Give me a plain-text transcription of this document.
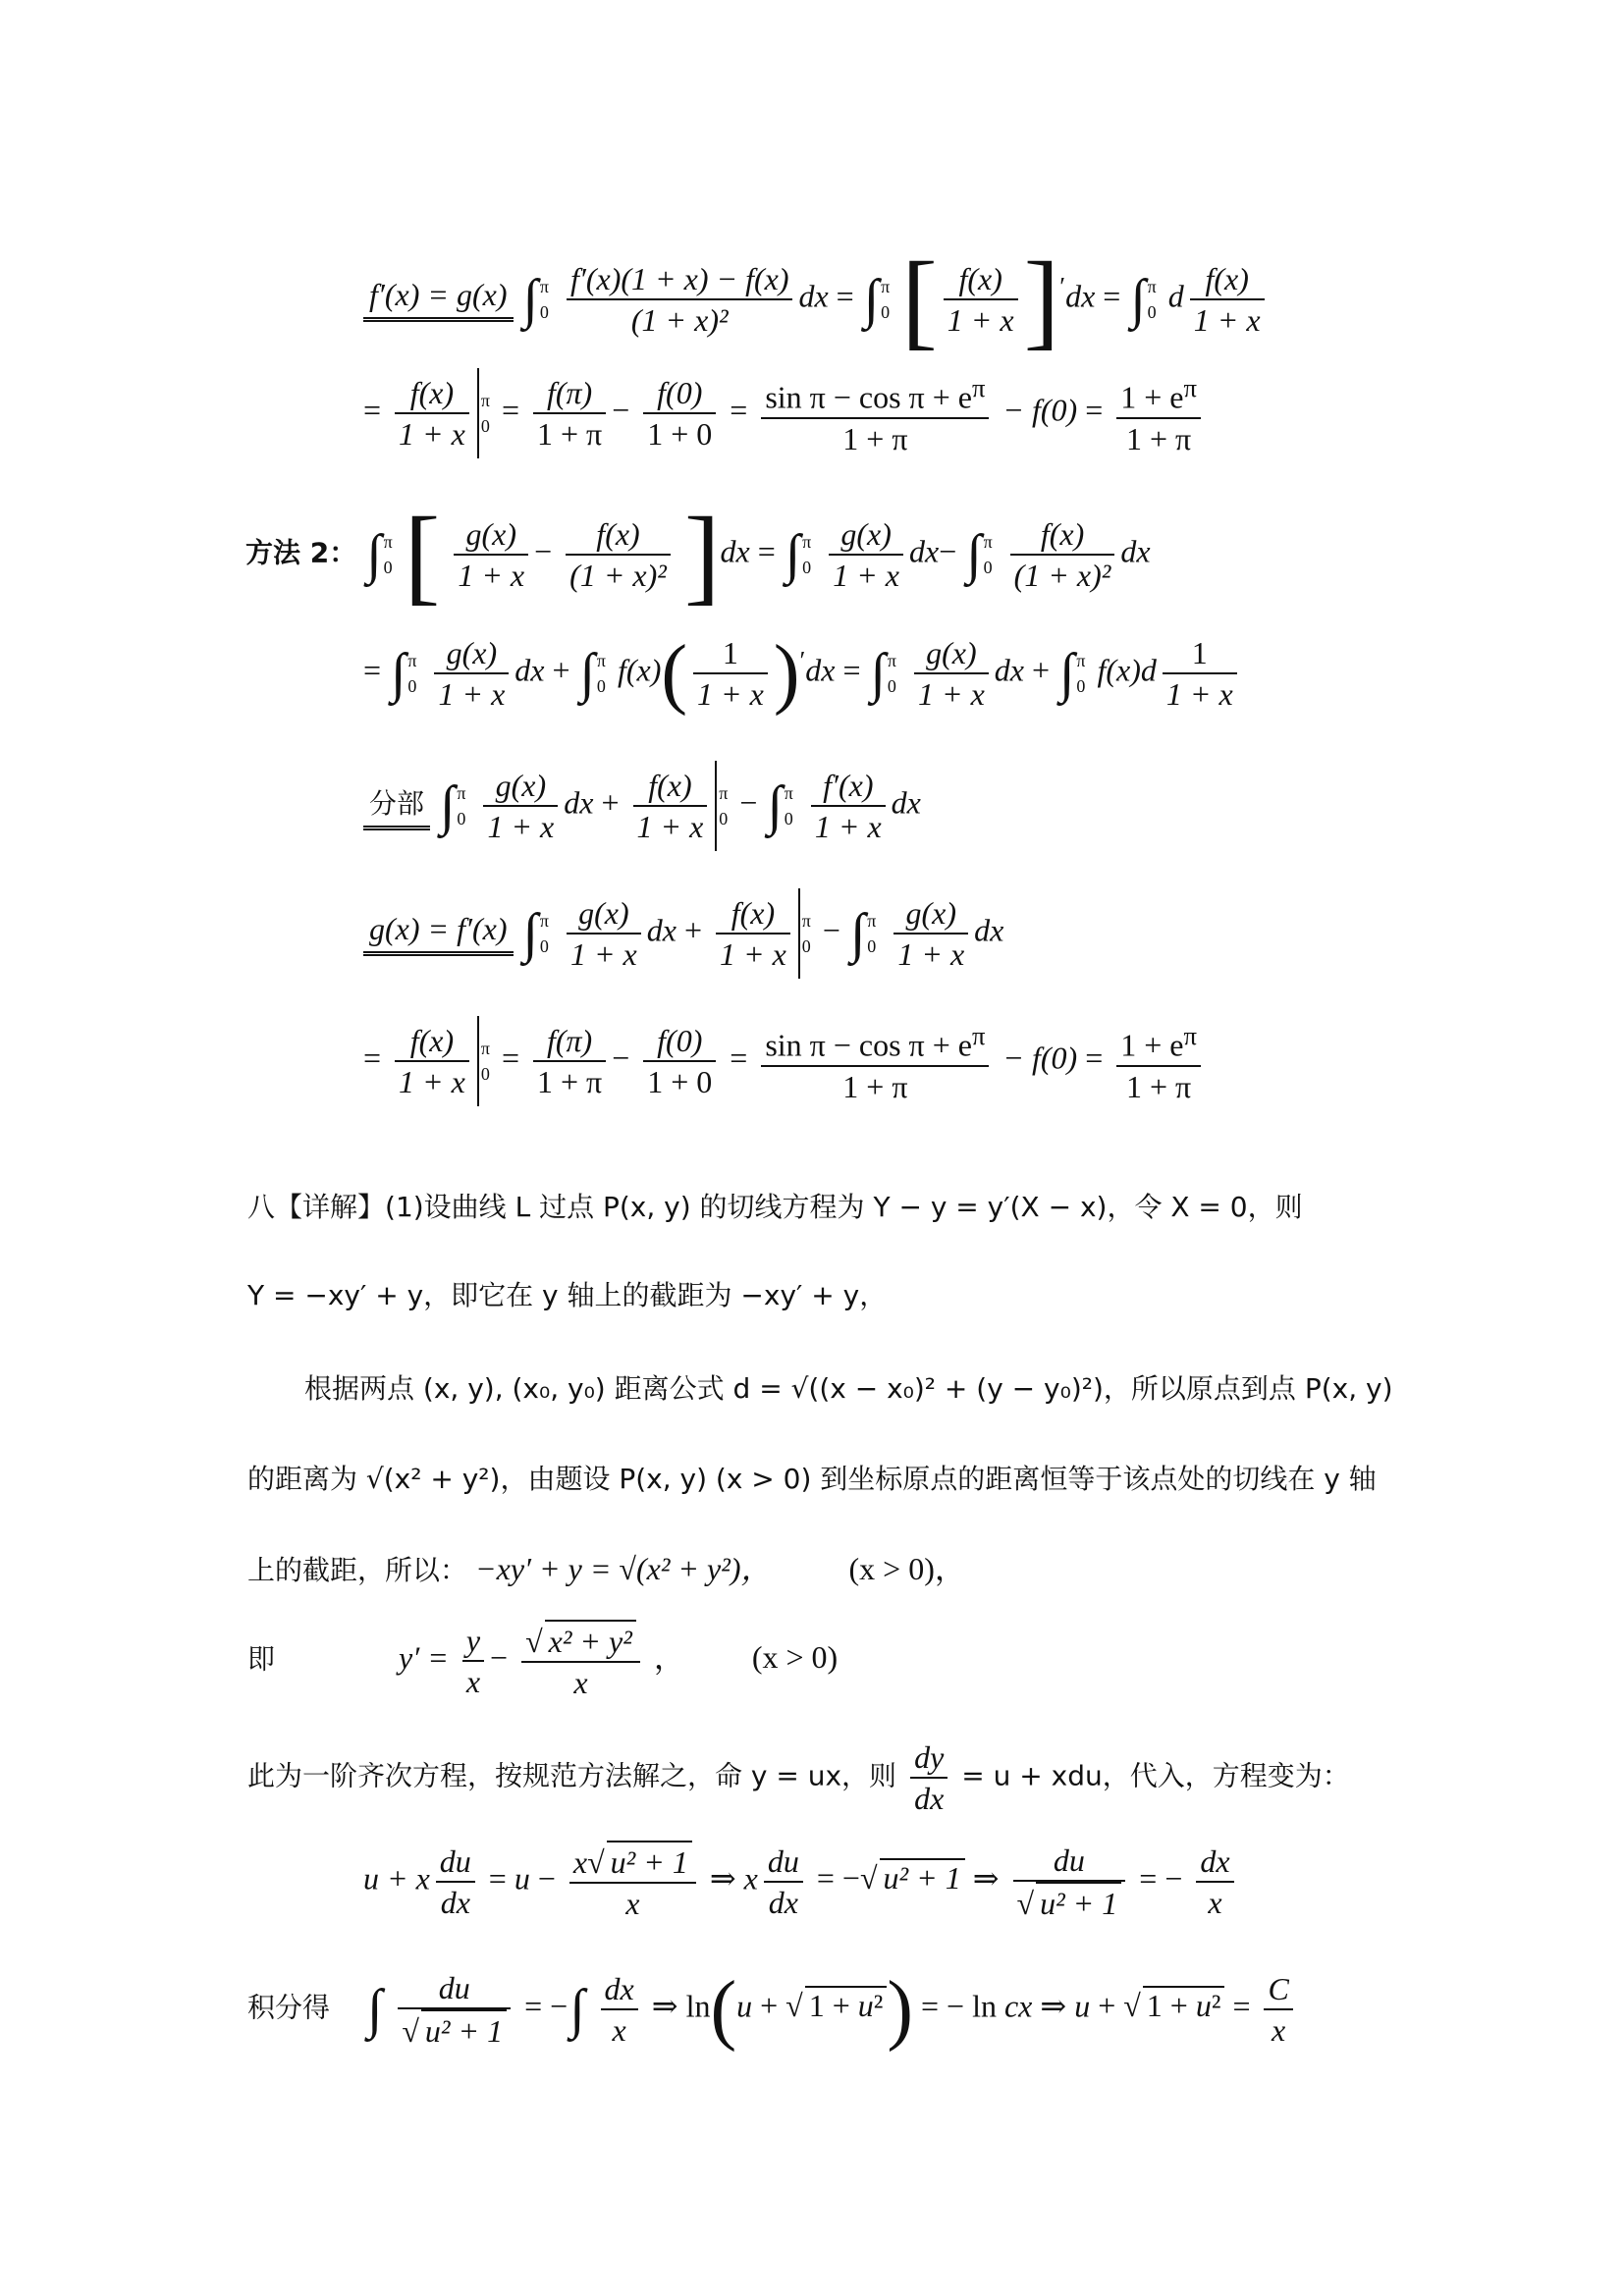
f′(x) = g(x) ∫ π
0
$\frac{f'(x)(1 + x) - f(x)}{\text{(1 + x)²}}$ dx = ∫ π
0 [ $\frac{f(x)}{1 + x} ]'dx$ = ∫ π
0 d $\frac{f(x)}{1 + x}$
= $\frac{f(x)}{1 + x}$ π
$0 = \frac{f(\pi)}{1 + \pi} - \frac{f(0)}{1 + 0} = \frac{\sin \pi - \cos \pi + e^\pi}{1 + \pi} - f(0) = \frac{1 + e^\pi}{1 + \pi}$
方法 2： ∫ π
0 [ $\frac{g(x)}{1 + x} - \frac{f(x)}{\text{(1 + x)²}} ]dx$ = ∫ π
0
$\frac{g(x)}{1 + x} dx-$ ∫ π
0
$\frac{f(x)}{\text{(1 + x)²}}$ dx
= ∫ π
0
$\frac{g(x)}{1 + x}$ dx + ∫ π
0 $f(x)( \frac{1}{1 + x} )'dx$ = ∫ π
0
$\frac{g(x)}{1 + x}$ dx + ∫ π
0 $f(x)d \frac{1}{1 + x}$
分部 ∫ π
0
$\frac{g(x)}{1 + x}$ dx + $\frac{f(x)}{1 + x}$ π
0 − ∫ π
0
$\frac{f'(x)}{1 + x}$ dx
g(x) = f′(x) ∫ π
0
$\frac{g(x)}{1 + x}$ dx + $\frac{f(x)}{1 + x}$ π
0 − ∫ π
0
$\frac{g(x)}{1 + x}$ dx
= $\frac{f(x)}{1 + x}$ π
$0 = \frac{f(\pi)}{1 + \pi} - \frac{f(0)}{1 + 0} = \frac{\sin \pi - \cos \pi + e^\pi}{1 + \pi} - f(0) = \frac{1 + e^\pi}{1 + \pi}$
八【详解】(1)设曲线 L 过点 P(x, y) 的切线方程为 Y − y = y′(X − x)，令 X = 0，则
Y = −xy′ + y，即它在 y 轴上的截距为 −xy′ + y，
根据两点 (x, y), (x₀, y₀) 距离公式 d = √((x − x₀)² + (y − y₀)²)，所以原点到点 P(x, y)
的距离为 √(x² + y²)，由题设 P(x, y) (x > 0) 到坐标原点的距离恒等于该点处的切线在 y 轴
上的截距，所以： −xy′ + y = √(x² + y²)， (x > 0)，
即	$y' = \frac{y}{x} - \frac{\text{√ x² + y²}}{x}$ ， (x > 0)
此为一阶齐次方程，按规范方法解之，命 y = ux，则 $\frac{dy}{dx} = u$ + xdu，代入，方程变为：
u + x $\frac{du}{dx} = u - \frac{\text{x√ u² + 1}}{x}$ ⇒ x $\frac{du}{dx}$ = −√ u² + 1 ⇒ $\frac{du}{\text{√ u² + 1}}$ = − $\frac{dx}{x}$
积分得 ∫ $\frac{du}{\text{√ u² + 1}}$ = −∫ $\frac{dx}{x}$ ⇒ ln(u + √ 1 + u²) = − ln cx ⇒ u + √ $1 + u^2 = \frac{C}{x}$
